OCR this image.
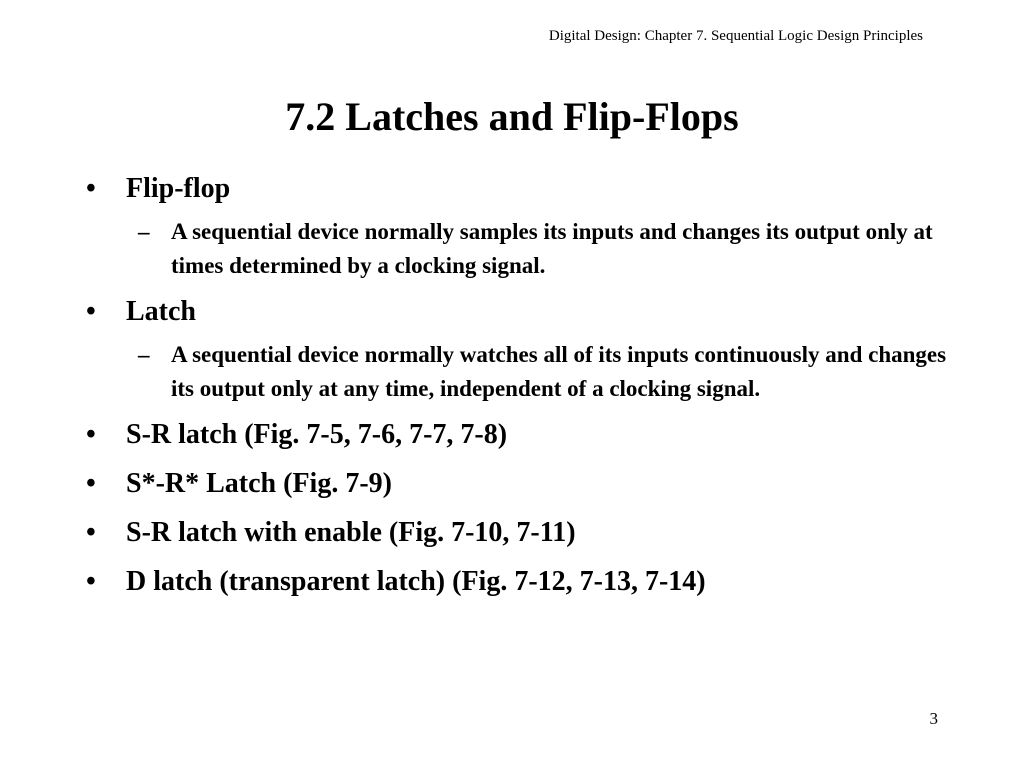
Digital Design: Chapter 7. Sequential Logic Design Principles
7.2 Latches and Flip-Flops
• Flip-flop
– A sequential device normally samples its inputs and changes its output only at times determined by a clocking signal.
• Latch
– A sequential device normally watches all of its inputs continuously and changes its output only at any time, independent of a clocking signal.
• S-R latch (Fig. 7-5, 7-6, 7-7, 7-8)
• S*-R* Latch (Fig. 7-9)
• S-R latch with enable (Fig. 7-10, 7-11)
• D latch (transparent latch) (Fig. 7-12, 7-13, 7-14)
3
